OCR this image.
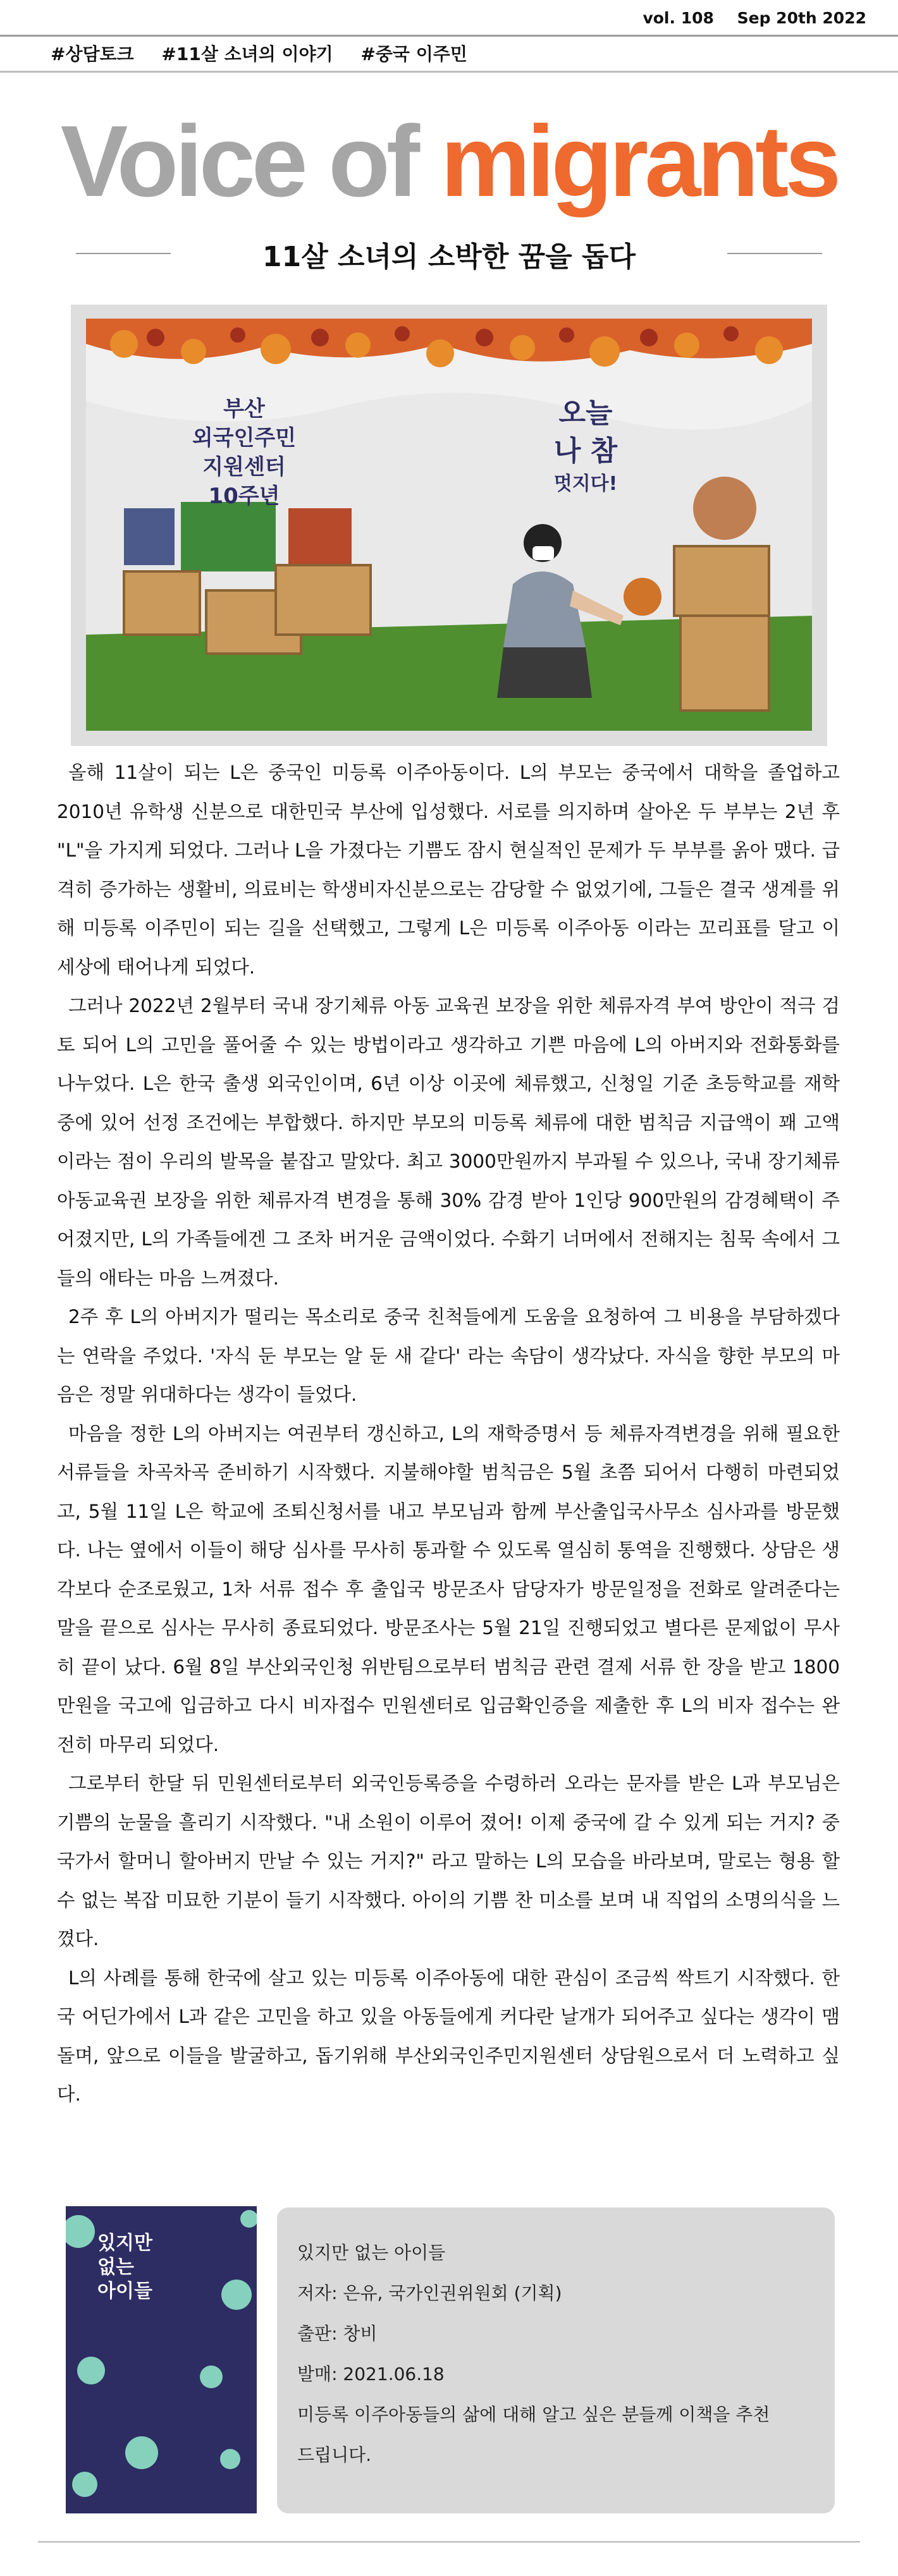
vol. 108 Sep 20th 2022
#상담토크 #11살 소녀의 이야기 #중국 이주민
Voice of migrants
11살 소녀의 소박한 꿈을 돕다
부산
외국인주민
지원센터
10주년
오늘
나 참
멋지다!

올해 11살이 되는 L은 중국인 미등록 이주아동이다. L의 부모는 중국에서 대학을 졸업하고 2010년 유학생 신분으로 대한민국 부산에 입성했다. 서로를 의지하며 살아온 두 부부는 2년 후 "L"을 가지게 되었다. 그러나 L을 가졌다는 기쁨도 잠시 현실적인 문제가 두 부부를 옭아 맸다. 급격히 증가하는 생활비, 의료비는 학생비자신분으로는 감당할 수 없었기에, 그들은 결국 생계를 위해 미등록 이주민이 되는 길을 선택했고, 그렇게 L은 미등록 이주아동 이라는 꼬리표를 달고 이 세상에 태어나게 되었다.

그러나 2022년 2월부터 국내 장기체류 아동 교육권 보장을 위한 체류자격 부여 방안이 적극 검토 되어 L의 고민을 풀어줄 수 있는 방법이라고 생각하고 기쁜 마음에 L의 아버지와 전화통화를 나누었다. L은 한국 출생 외국인이며, 6년 이상 이곳에 체류했고, 신청일 기준 초등학교를 재학 중에 있어 선정 조건에는 부합했다. 하지만 부모의 미등록 체류에 대한 범칙금 지급액이 꽤 고액이라는 점이 우리의 발목을 붙잡고 말았다. 최고 3000만원까지 부과될 수 있으나, 국내 장기체류 아동교육권 보장을 위한 체류자격 변경을 통해 30% 감경 받아 1인당 900만원의 감경혜택이 주어졌지만, L의 가족들에겐 그 조차 버거운 금액이었다. 수화기 너머에서 전해지는 침묵 속에서 그들의 애타는 마음 느껴졌다.

2주 후 L의 아버지가 떨리는 목소리로 중국 친척들에게 도움을 요청하여 그 비용을 부담하겠다는 연락을 주었다. '자식 둔 부모는 알 둔 새 같다' 라는 속담이 생각났다. 자식을 향한 부모의 마음은 정말 위대하다는 생각이 들었다.

마음을 정한 L의 아버지는 여권부터 갱신하고, L의 재학증명서 등 체류자격변경을 위해 필요한 서류들을 차곡차곡 준비하기 시작했다. 지불해야할 범칙금은 5월 초쯤 되어서 다행히 마련되었고, 5월 11일 L은 학교에 조퇴신청서를 내고 부모님과 함께 부산출입국사무소 심사과를 방문했다. 나는 옆에서 이들이 해당 심사를 무사히 통과할 수 있도록 열심히 통역을 진행했다. 상담은 생각보다 순조로웠고, 1차 서류 접수 후 출입국 방문조사 담당자가 방문일정을 전화로 알려준다는 말을 끝으로 심사는 무사히 종료되었다. 방문조사는 5월 21일 진행되었고 별다른 문제없이 무사히 끝이 났다. 6월 8일 부산외국인청 위반팀으로부터 범칙금 관련 결제 서류 한 장을 받고 1800만원을 국고에 입금하고 다시 비자접수 민원센터로 입금확인증을 제출한 후 L의 비자 접수는 완전히 마무리 되었다.

그로부터 한달 뒤 민원센터로부터 외국인등록증을 수령하러 오라는 문자를 받은 L과 부모님은 기쁨의 눈물을 흘리기 시작했다. "내 소원이 이루어 졌어! 이제 중국에 갈 수 있게 되는 거지? 중국가서 할머니 할아버지 만날 수 있는 거지?" 라고 말하는 L의 모습을 바라보며, 말로는 형용 할 수 없는 복잡 미묘한 기분이 들기 시작했다. 아이의 기쁨 찬 미소를 보며 내 직업의 소명의식을 느꼈다.

L의 사례를 통해 한국에 살고 있는 미등록 이주아동에 대한 관심이 조금씩 싹트기 시작했다. 한국 어딘가에서 L과 같은 고민을 하고 있을 아동들에게 커다란 날개가 되어주고 싶다는 생각이 맴돌며, 앞으로 이들을 발굴하고, 돕기위해 부산외국인주민지원센터 상담원으로서 더 노력하고 싶다.

있지만
없는
아이들
있지만 없는 아이들
저자: 은유, 국가인권위원회 (기획)
출판: 창비
발매: 2021.06.18
미등록 이주아동들의 삶에 대해 알고 싶은 분들께 이책을 추천
드립니다.
